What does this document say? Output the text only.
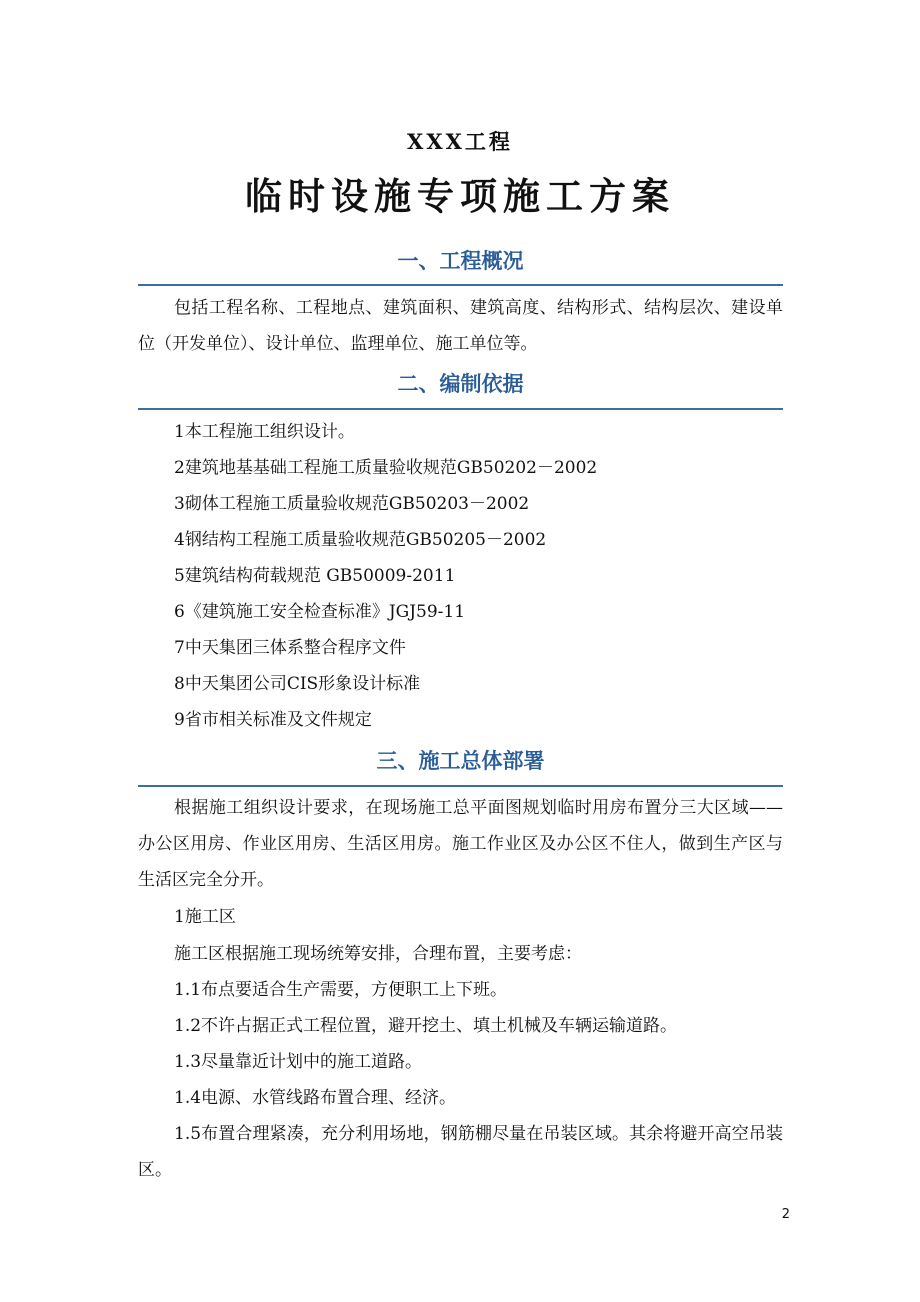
XXX工程
临时设施专项施工方案
一、工程概况
包括工程名称、工程地点、建筑面积、建筑高度、结构形式、结构层次、建设单位（开发单位）、设计单位、监理单位、施工单位等。
二、编制依据
1本工程施工组织设计。
2建筑地基基础工程施工质量验收规范GB50202－2002
3砌体工程施工质量验收规范GB50203－2002
4钢结构工程施工质量验收规范GB50205－2002
5建筑结构荷载规范 GB50009-2011
6《建筑施工安全检查标准》JGJ59-11
7中天集团三体系整合程序文件
8中天集团公司CIS形象设计标准
9省市相关标准及文件规定
三、施工总体部署
根据施工组织设计要求，在现场施工总平面图规划临时用房布置分三大区域——办公区用房、作业区用房、生活区用房。施工作业区及办公区不住人，做到生产区与生活区完全分开。
1施工区
施工区根据施工现场统筹安排，合理布置，主要考虑：
1.1布点要适合生产需要，方便职工上下班。
1.2不许占据正式工程位置，避开挖土、填土机械及车辆运输道路。
1.3尽量靠近计划中的施工道路。
1.4电源、水管线路布置合理、经济。
1.5布置合理紧凑，充分利用场地，钢筋棚尽量在吊装区域。其余将避开高空吊装区。
2
